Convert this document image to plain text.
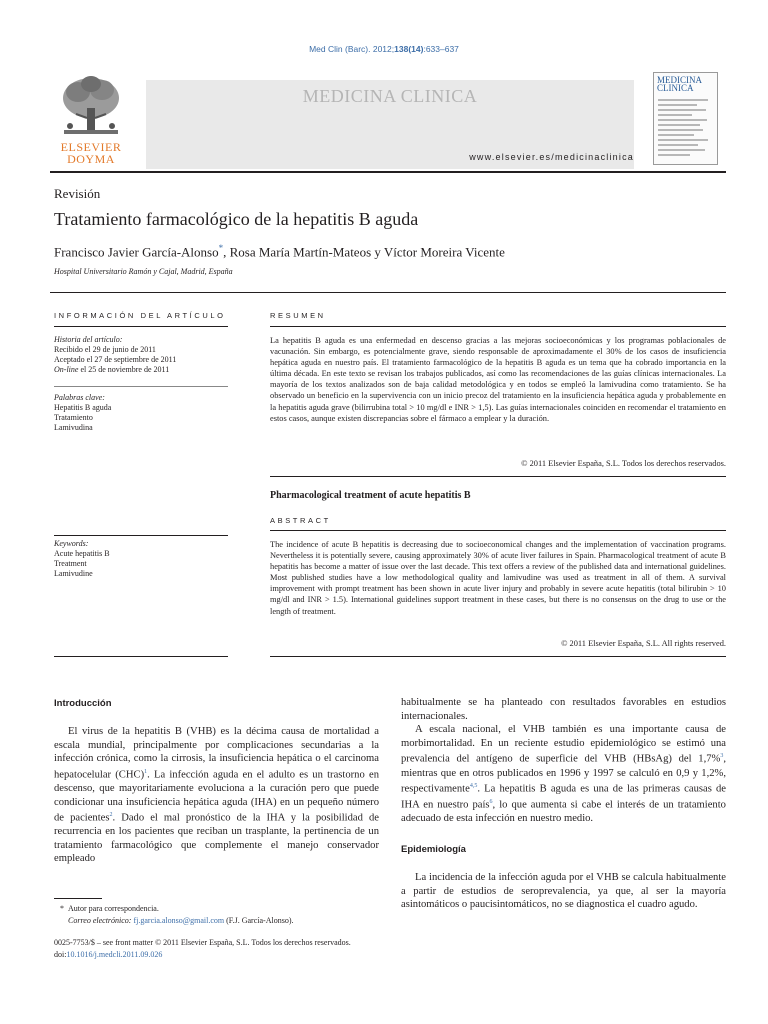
Med Clin (Barc). 2012;138(14):633–637
ELSEVIER
DOYMA
MEDICINA CLINICA
www.elsevier.es/medicinaclinica
MEDICINA
CLINICA
Revisión
Tratamiento farmacológico de la hepatitis B aguda
Francisco Javier García-Alonso*, Rosa María Martín-Mateos y Víctor Moreira Vicente
Hospital Universitario Ramón y Cajal, Madrid, España
INFORMACIÓN DEL ARTÍCULO
Historia del artículo:
Recibido el 29 de junio de 2011
Aceptado el 27 de septiembre de 2011
On-line el 25 de noviembre de 2011
Palabras clave:
Hepatitis B aguda
Tratamiento
Lamivudina
Keywords:
Acute hepatitis B
Treatment
Lamivudine
RESUMEN
La hepatitis B aguda es una enfermedad en descenso gracias a las mejoras socioeconómicas y los programas poblacionales de vacunación. Sin embargo, es potencialmente grave, siendo responsable de aproximadamente el 30% de los casos de insuficiencia hepática aguda en nuestro país. El tratamiento farmacológico de la hepatitis B aguda es un tema que ha cobrado importancia en la última década. En este texto se revisan los trabajos publicados, así como las recomendaciones de las guías clínicas internacionales. La mayoría de los textos analizados son de baja calidad metodológica y en todos se empleó la lamivudina como tratamiento. Se ha observado un beneficio en la supervivencia con un inicio precoz del tratamiento en la insuficiencia hepática aguda y probablemente en la hepatitis aguda grave (bilirrubina total > 10 mg/dl e INR > 1,5). Las guías internacionales coinciden en recomendar el tratamiento en estos casos, aunque existen discrepancias sobre el fármaco a emplear y la duración.
© 2011 Elsevier España, S.L. Todos los derechos reservados.
Pharmacological treatment of acute hepatitis B
ABSTRACT
The incidence of acute B hepatitis is decreasing due to socioeconomical changes and the implementation of vaccination programs. Nevertheless it is potentially severe, causing approximately 30% of acute liver failures in Spain. Pharmacological treatment of acute B hepatitis has become a matter of issue over the last decade. This text offers a review of the published data and international guidelines. Most published studies have a low methodological quality and lamivudine was used as treatment in all of them. A survival improvement with prompt treatment has been shown in acute liver injury and probably in severe acute hepatitis (total bilirubin > 10 mg/dl and INR > 1.5). International guidelines support treatment in these cases, but there is no consensus on the drug to use or the length of treatment.
© 2011 Elsevier España, S.L. All rights reserved.
Introducción

El virus de la hepatitis B (VHB) es la décima causa de mortalidad a escala mundial, principalmente por complicaciones secundarias a la infección crónica, como la cirrosis, la insuficiencia hepática o el carcinoma hepatocelular (CHC)$^1$. La infección aguda en el adulto es un trastorno en descenso, que mayoritariamente evoluciona a la curación pero que puede condicionar una insuficiencia hepática aguda (IHA) en un pequeño número de pacientes$^2$. Dado el mal pronóstico de la IHA y la posibilidad de recurrencia en los pacientes que reciban un trasplante, la pertinencia de un tratamiento farmacológico que complemente el manejo conservador empleado

habitualmente se ha planteado con resultados favorables en estudios internacionales.

A escala nacional, el VHB también es una importante causa de morbimortalidad. En un reciente estudio epidemiológico se estimó una prevalencia del antígeno de superficie del VHB (HBsAg) del 1,7%$^3$, mientras que en otros publicados en 1996 y 1997 se calculó en 0,9 y 1,2%, respectivamente$^{4,5}$. La hepatitis B aguda es una de las primeras causas de IHA en nuestro país$^6$, lo que aumenta si cabe el interés de un tratamiento adecuado de esta infección en nuestro medio.

Epidemiología

La incidencia de la infección aguda por el VHB se calcula habitualmente a partir de estudios de seroprevalencia, ya que, al ser la mayoría asintomáticos o paucisintomáticos, no se diagnostica el cuadro agudo.

* Autor para correspondencia.
Correo electrónico: fj.garcia.alonso@gmail.com (F.J. García-Alonso).
0025-7753/$ – see front matter © 2011 Elsevier España, S.L. Todos los derechos reservados.
doi:10.1016/j.medcli.2011.09.026
